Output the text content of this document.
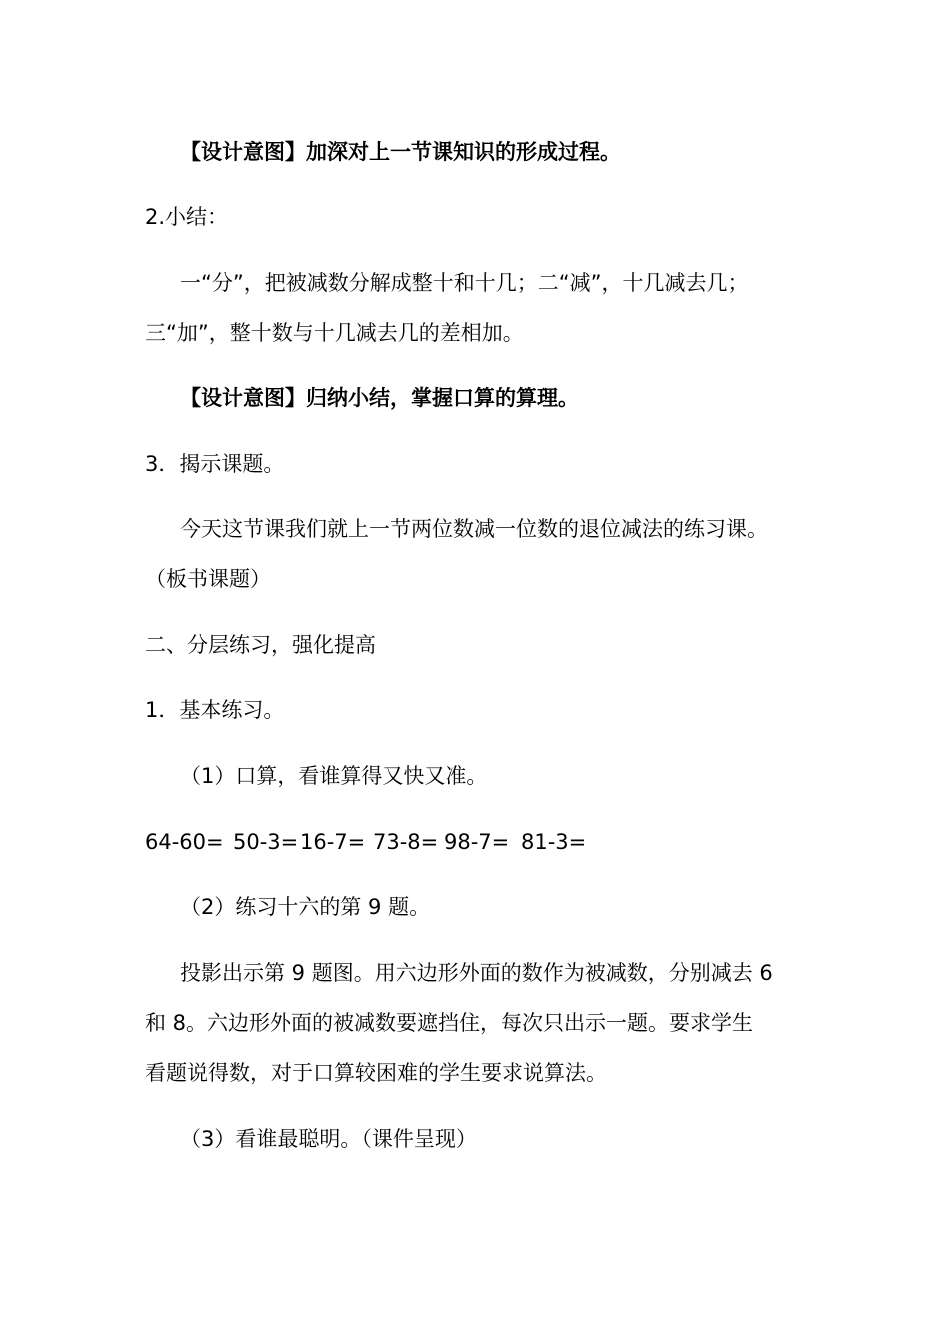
【设计意图】加深对上一节课知识的形成过程。
2.小结：
一“分”，把被减数分解成整十和十几；二“减”，十几减去几；
三“加”，整十数与十几减去几的差相加。
【设计意图】归纳小结，掌握口算的算理。
3．揭示课题。
今天这节课我们就上一节两位数减一位数的退位减法的练习课。
（板书课题）
二、分层练习，强化提高
1．基本练习。
（1）口算，看谁算得又快又准。
64-60= 50-3= 16-7= 73-8= 98-7= 81-3=
（2）练习十六的第 9 题。
投影出示第 9 题图。用六边形外面的数作为被减数，分别减去 6
和 8。六边形外面的被减数要遮挡住，每次只出示一题。要求学生
看题说得数，对于口算较困难的学生要求说算法。
（3）看谁最聪明。（课件呈现）
